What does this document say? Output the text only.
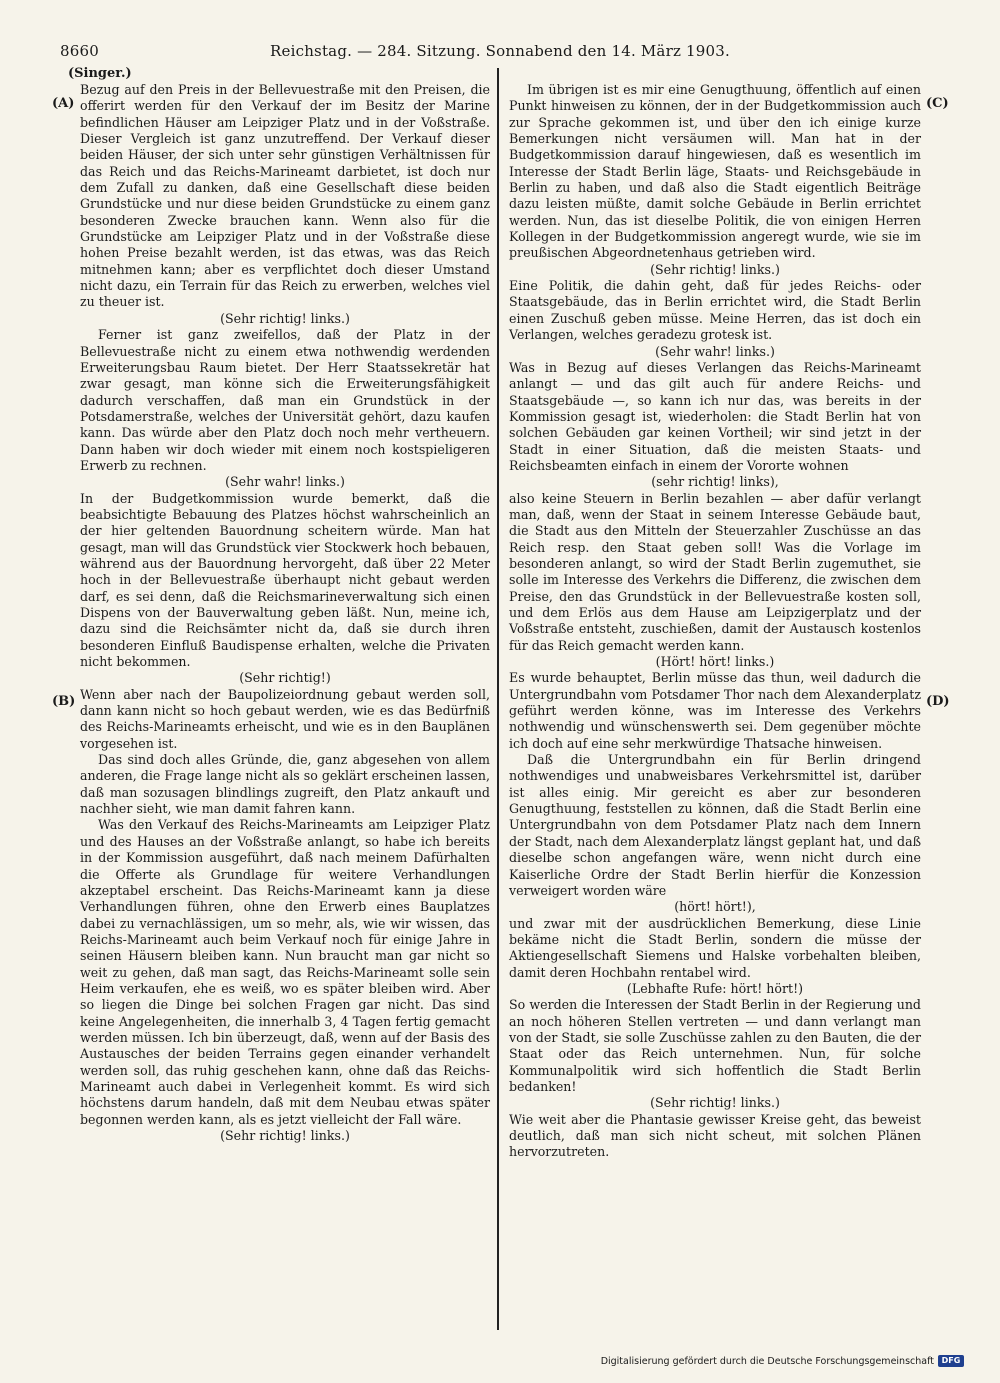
8660	Reichstag. — 284. Sitzung. Sonnabend den 14. März 1903.
(Singer.)
(A)
(B)
(C)
(D)

Bezug auf den Preis in der Bellevuestraße mit den Preisen, die offerirt werden für den Verkauf der im Besitz der Marine befindlichen Häuser am Leipziger Platz und in der Voßstraße. Dieser Vergleich ist ganz unzutreffend. Der Verkauf dieser beiden Häuser, der sich unter sehr günstigen Verhältnissen für das Reich und das Reichs-Marineamt darbietet, ist doch nur dem Zufall zu danken, daß eine Gesellschaft diese beiden Grundstücke und nur diese beiden Grundstücke zu einem ganz besonderen Zwecke brauchen kann. Wenn also für die Grundstücke am Leipziger Platz und in der Voßstraße diese hohen Preise bezahlt werden, ist das etwas, was das Reich mitnehmen kann; aber es verpflichtet doch dieser Umstand nicht dazu, ein Terrain für das Reich zu erwerben, welches viel zu theuer ist.

(Sehr richtig! links.)

Ferner ist ganz zweifellos, daß der Platz in der Bellevuestraße nicht zu einem etwa nothwendig werdenden Erweiterungsbau Raum bietet. Der Herr Staatssekretär hat zwar gesagt, man könne sich die Erweiterungsfähigkeit dadurch verschaffen, daß man ein Grundstück in der Potsdamerstraße, welches der Universität gehört, dazu kaufen kann. Das würde aber den Platz doch noch mehr vertheuern. Dann haben wir doch wieder mit einem noch kostspieligeren Erwerb zu rechnen.

(Sehr wahr! links.)

In der Budgetkommission wurde bemerkt, daß die beabsichtigte Bebauung des Platzes höchst wahrscheinlich an der hier geltenden Bauordnung scheitern würde. Man hat gesagt, man will das Grundstück vier Stockwerk hoch bebauen, während aus der Bauordnung hervorgeht, daß über 22 Meter hoch in der Bellevuestraße überhaupt nicht gebaut werden darf, es sei denn, daß die Reichsmarineverwaltung sich einen Dispens von der Bauverwaltung geben läßt. Nun, meine ich, dazu sind die Reichsämter nicht da, daß sie durch ihren besonderen Einfluß Baudispense erhalten, welche die Privaten nicht bekommen.

(Sehr richtig!)

Wenn aber nach der Baupolizeiordnung gebaut werden soll, dann kann nicht so hoch gebaut werden, wie es das Bedürfniß des Reichs-Marineamts erheischt, und wie es in den Bauplänen vorgesehen ist.

Das sind doch alles Gründe, die, ganz abgesehen von allem anderen, die Frage lange nicht als so geklärt erscheinen lassen, daß man sozusagen blindlings zugreift, den Platz ankauft und nachher sieht, wie man damit fahren kann.

Was den Verkauf des Reichs-Marineamts am Leipziger Platz und des Hauses an der Voßstraße anlangt, so habe ich bereits in der Kommission ausgeführt, daß nach meinem Dafürhalten die Offerte als Grundlage für weitere Verhandlungen akzeptabel erscheint. Das Reichs-Marineamt kann ja diese Verhandlungen führen, ohne den Erwerb eines Bauplatzes dabei zu vernachlässigen, um so mehr, als, wie wir wissen, das Reichs-Marineamt auch beim Verkauf noch für einige Jahre in seinen Häusern bleiben kann. Nun braucht man gar nicht so weit zu gehen, daß man sagt, das Reichs-Marineamt solle sein Heim verkaufen, ehe es weiß, wo es später bleiben wird. Aber so liegen die Dinge bei solchen Fragen gar nicht. Das sind keine Angelegenheiten, die innerhalb 3, 4 Tagen fertig gemacht werden müssen. Ich bin überzeugt, daß, wenn auf der Basis des Austausches der beiden Terrains gegen einander verhandelt werden soll, das ruhig geschehen kann, ohne daß das Reichs-Marineamt auch dabei in Verlegenheit kommt. Es wird sich höchstens darum handeln, daß mit dem Neubau etwas später begonnen werden kann, als es jetzt vielleicht der Fall wäre.

(Sehr richtig! links.)

Im übrigen ist es mir eine Genugthuung, öffentlich auf einen Punkt hinweisen zu können, der in der Budgetkommission auch zur Sprache gekommen ist, und über den ich einige kurze Bemerkungen nicht versäumen will. Man hat in der Budgetkommission darauf hingewiesen, daß es wesentlich im Interesse der Stadt Berlin läge, Staats- und Reichsgebäude in Berlin zu haben, und daß also die Stadt eigentlich Beiträge dazu leisten müßte, damit solche Gebäude in Berlin errichtet werden. Nun, das ist dieselbe Politik, die von einigen Herren Kollegen in der Budgetkommission angeregt wurde, wie sie im preußischen Abgeordnetenhaus getrieben wird.

(Sehr richtig! links.)

Eine Politik, die dahin geht, daß für jedes Reichs- oder Staatsgebäude, das in Berlin errichtet wird, die Stadt Berlin einen Zuschuß geben müsse. Meine Herren, das ist doch ein Verlangen, welches geradezu grotesk ist.

(Sehr wahr! links.)

Was in Bezug auf dieses Verlangen das Reichs-Marineamt anlangt — und das gilt auch für andere Reichs- und Staatsgebäude —, so kann ich nur das, was bereits in der Kommission gesagt ist, wiederholen: die Stadt Berlin hat von solchen Gebäuden gar keinen Vortheil; wir sind jetzt in der Stadt in einer Situation, daß die meisten Staats- und Reichsbeamten einfach in einem der Vororte wohnen

(sehr richtig! links),

also keine Steuern in Berlin bezahlen — aber dafür verlangt man, daß, wenn der Staat in seinem Interesse Gebäude baut, die Stadt aus den Mitteln der Steuerzahler Zuschüsse an das Reich resp. den Staat geben soll! Was die Vorlage im besonderen anlangt, so wird der Stadt Berlin zugemuthet, sie solle im Interesse des Verkehrs die Differenz, die zwischen dem Preise, den das Grundstück in der Bellevuestraße kosten soll, und dem Erlös aus dem Hause am Leipzigerplatz und der Voßstraße entsteht, zuschießen, damit der Austausch kostenlos für das Reich gemacht werden kann.

(Hört! hört! links.)

Es wurde behauptet, Berlin müsse das thun, weil dadurch die Untergrundbahn vom Potsdamer Thor nach dem Alexanderplatz geführt werden könne, was im Interesse des Verkehrs nothwendig und wünschenswerth sei. Dem gegenüber möchte ich doch auf eine sehr merkwürdige Thatsache hinweisen.

Daß die Untergrundbahn ein für Berlin dringend nothwendiges und unabweisbares Verkehrsmittel ist, darüber ist alles einig. Mir gereicht es aber zur besonderen Genugthuung, feststellen zu können, daß die Stadt Berlin eine Untergrundbahn von dem Potsdamer Platz nach dem Innern der Stadt, nach dem Alexanderplatz längst geplant hat, und daß dieselbe schon angefangen wäre, wenn nicht durch eine Kaiserliche Ordre der Stadt Berlin hierfür die Konzession verweigert worden wäre

(hört! hört!),

und zwar mit der ausdrücklichen Bemerkung, diese Linie bekäme nicht die Stadt Berlin, sondern die müsse der Aktiengesellschaft Siemens und Halske vorbehalten bleiben, damit deren Hochbahn rentabel wird.

(Lebhafte Rufe: hört! hört!)

So werden die Interessen der Stadt Berlin in der Regierung und an noch höheren Stellen vertreten — und dann verlangt man von der Stadt, sie solle Zuschüsse zahlen zu den Bauten, die der Staat oder das Reich unternehmen. Nun, für solche Kommunalpolitik wird sich hoffentlich die Stadt Berlin bedanken!

(Sehr richtig! links.)

Wie weit aber die Phantasie gewisser Kreise geht, das beweist deutlich, daß man sich nicht scheut, mit solchen Plänen hervorzutreten.

Digitalisierung gefördert durch die Deutsche Forschungsgemeinschaft DFG
